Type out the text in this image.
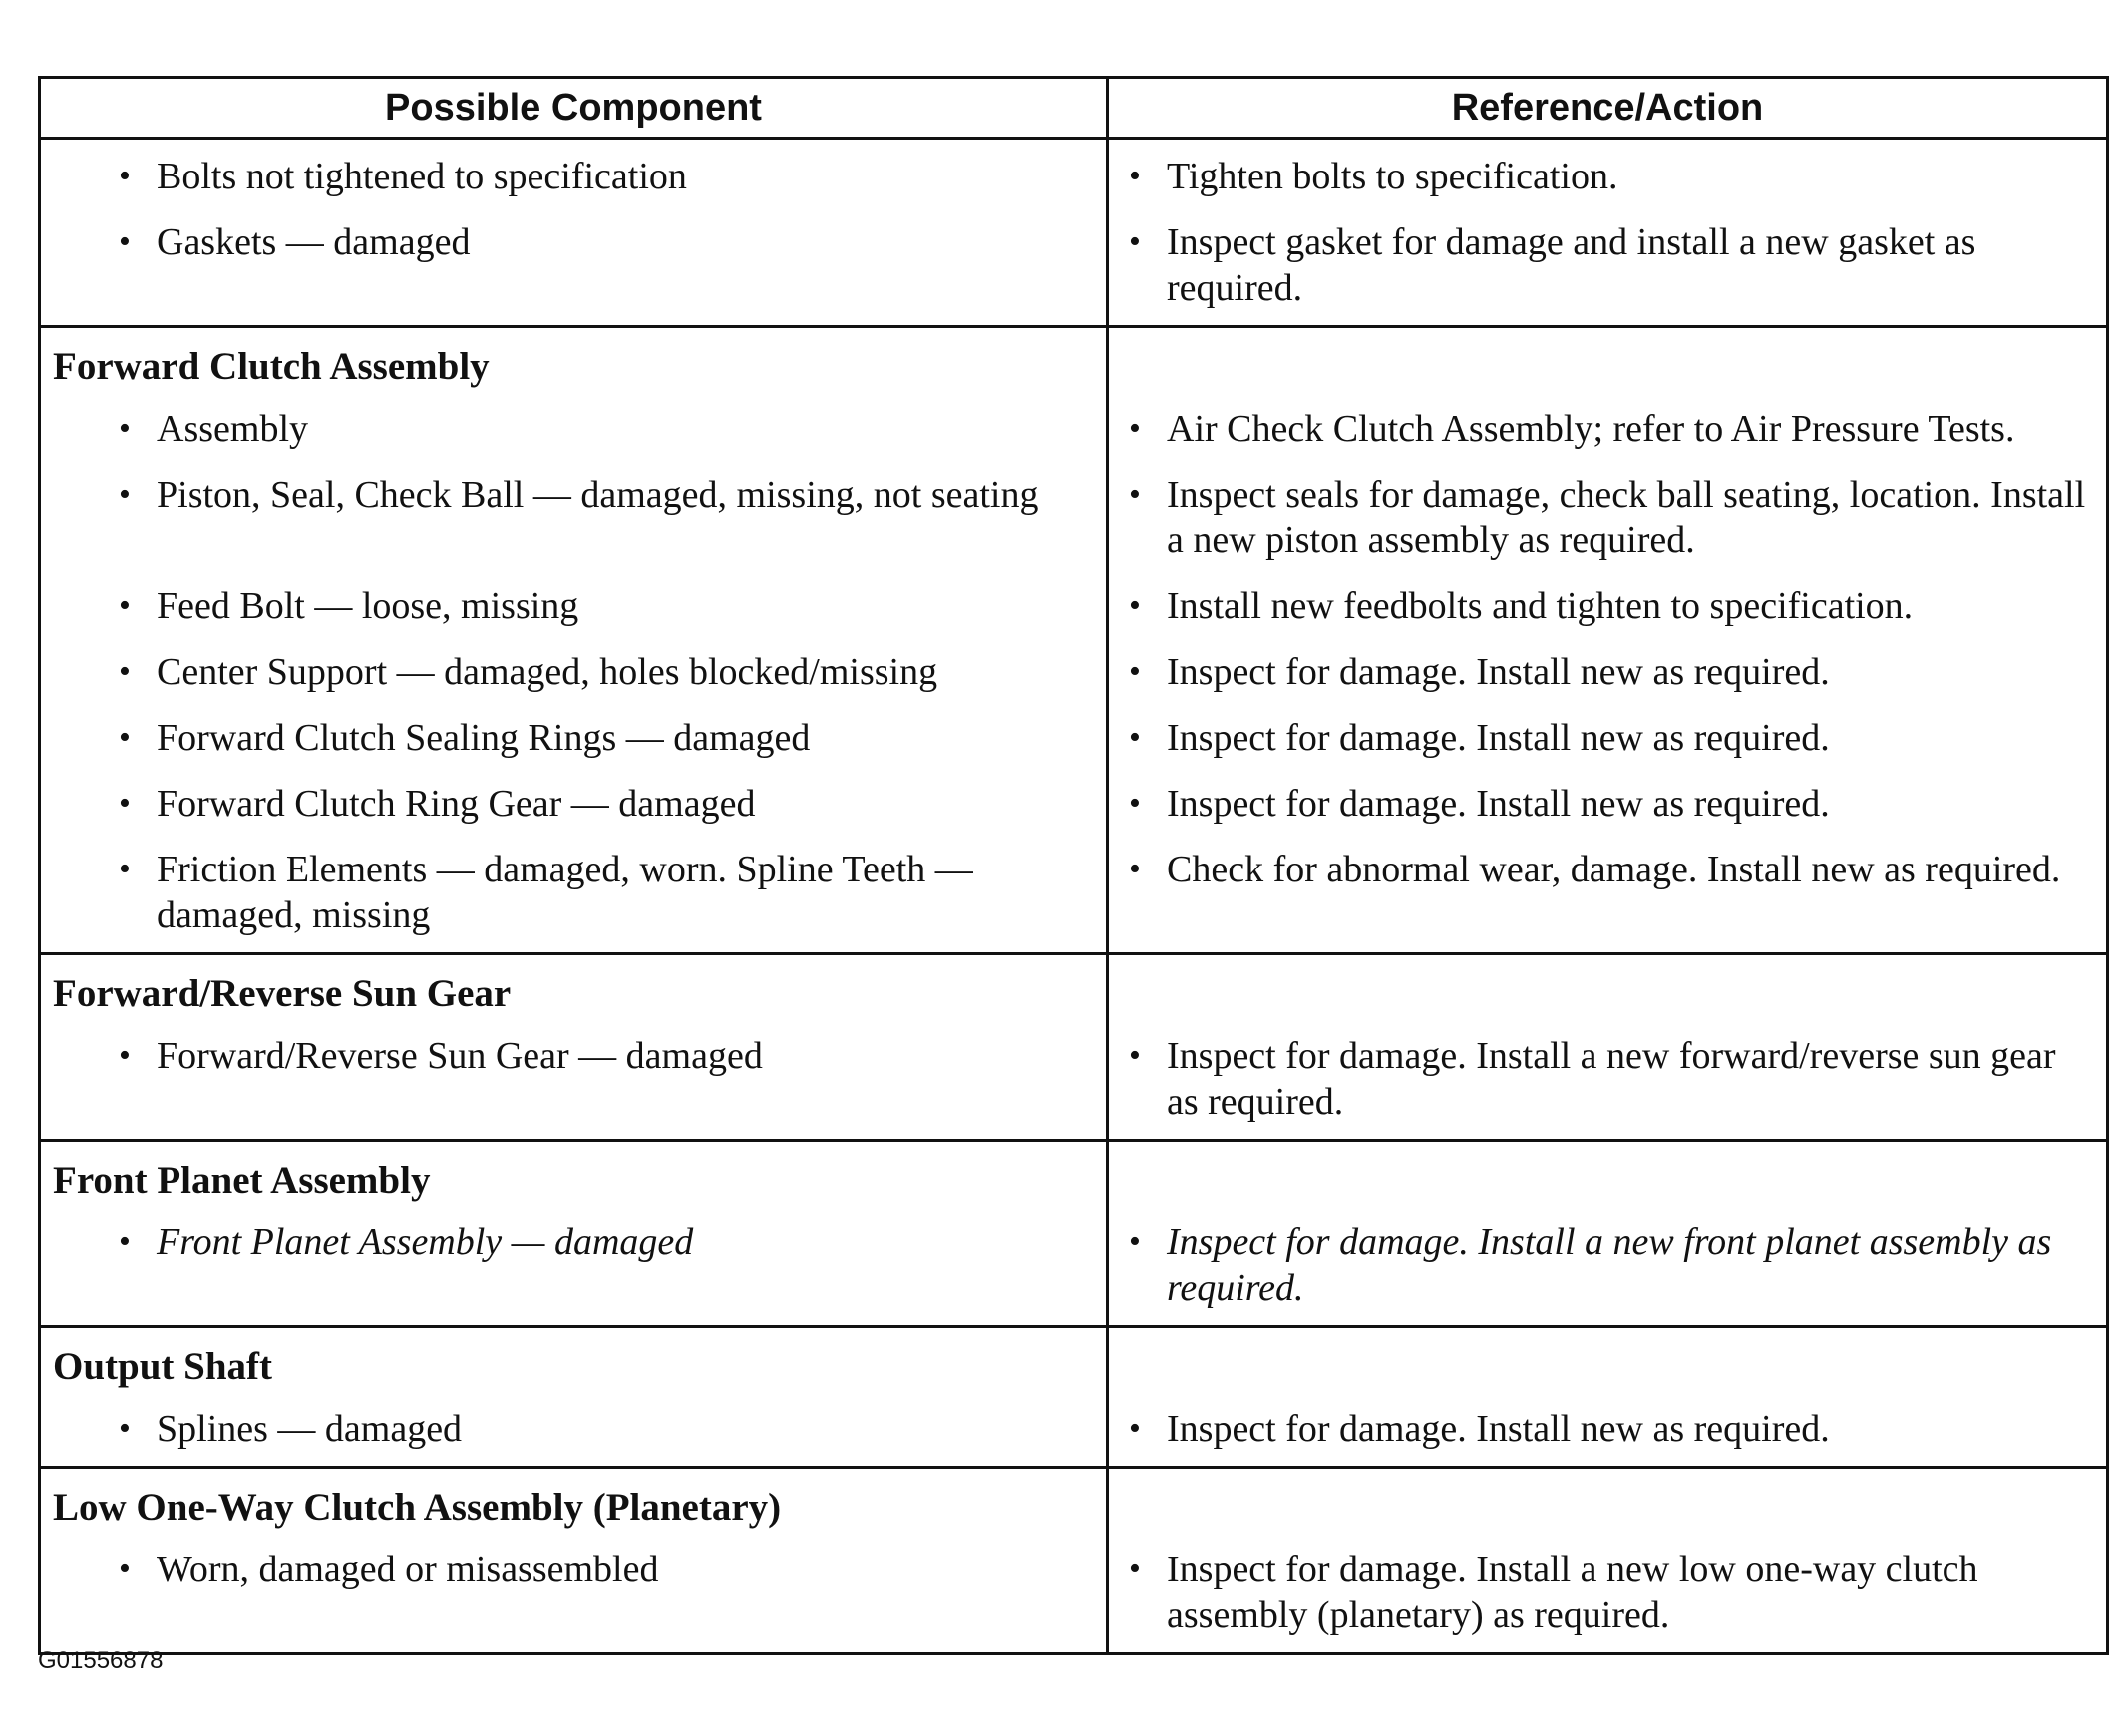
Possible Component	Reference/Action

• Bolts not tightened to specification	• Tighten bolts to specification.

• Gaskets — damaged	• Inspect gasket for damage and install a new gasket as required.

Forward Clutch Assembly	

• Assembly	• Air Check Clutch Assembly; refer to Air Pressure Tests.

• Piston, Seal, Check Ball — damaged, missing, not seating	• Inspect seals for damage, check ball seating, location. Install a new piston assembly as required.

• Feed Bolt — loose, missing	• Install new feedbolts and tighten to specification.

• Center Support — damaged, holes blocked/missing	• Inspect for damage. Install new as required.

• Forward Clutch Sealing Rings — damaged	• Inspect for damage. Install new as required.

• Forward Clutch Ring Gear — damaged	• Inspect for damage. Install new as required.

• Friction Elements — damaged, worn. Spline Teeth — damaged, missing	• Check for abnormal wear, damage. Install new as required.

Forward/Reverse Sun Gear	

• Forward/Reverse Sun Gear — damaged	• Inspect for damage. Install a new forward/reverse sun gear as required.

Front Planet Assembly	

• Front Planet Assembly — damaged	• Inspect for damage. Install a new front planet assembly as required.

Output Shaft	

• Splines — damaged	• Inspect for damage. Install new as required.

Low One-Way Clutch Assembly (Planetary)	

• Worn, damaged or misassembled	• Inspect for damage. Install a new low one-way clutch assembly (planetary) as required.
G01556878
